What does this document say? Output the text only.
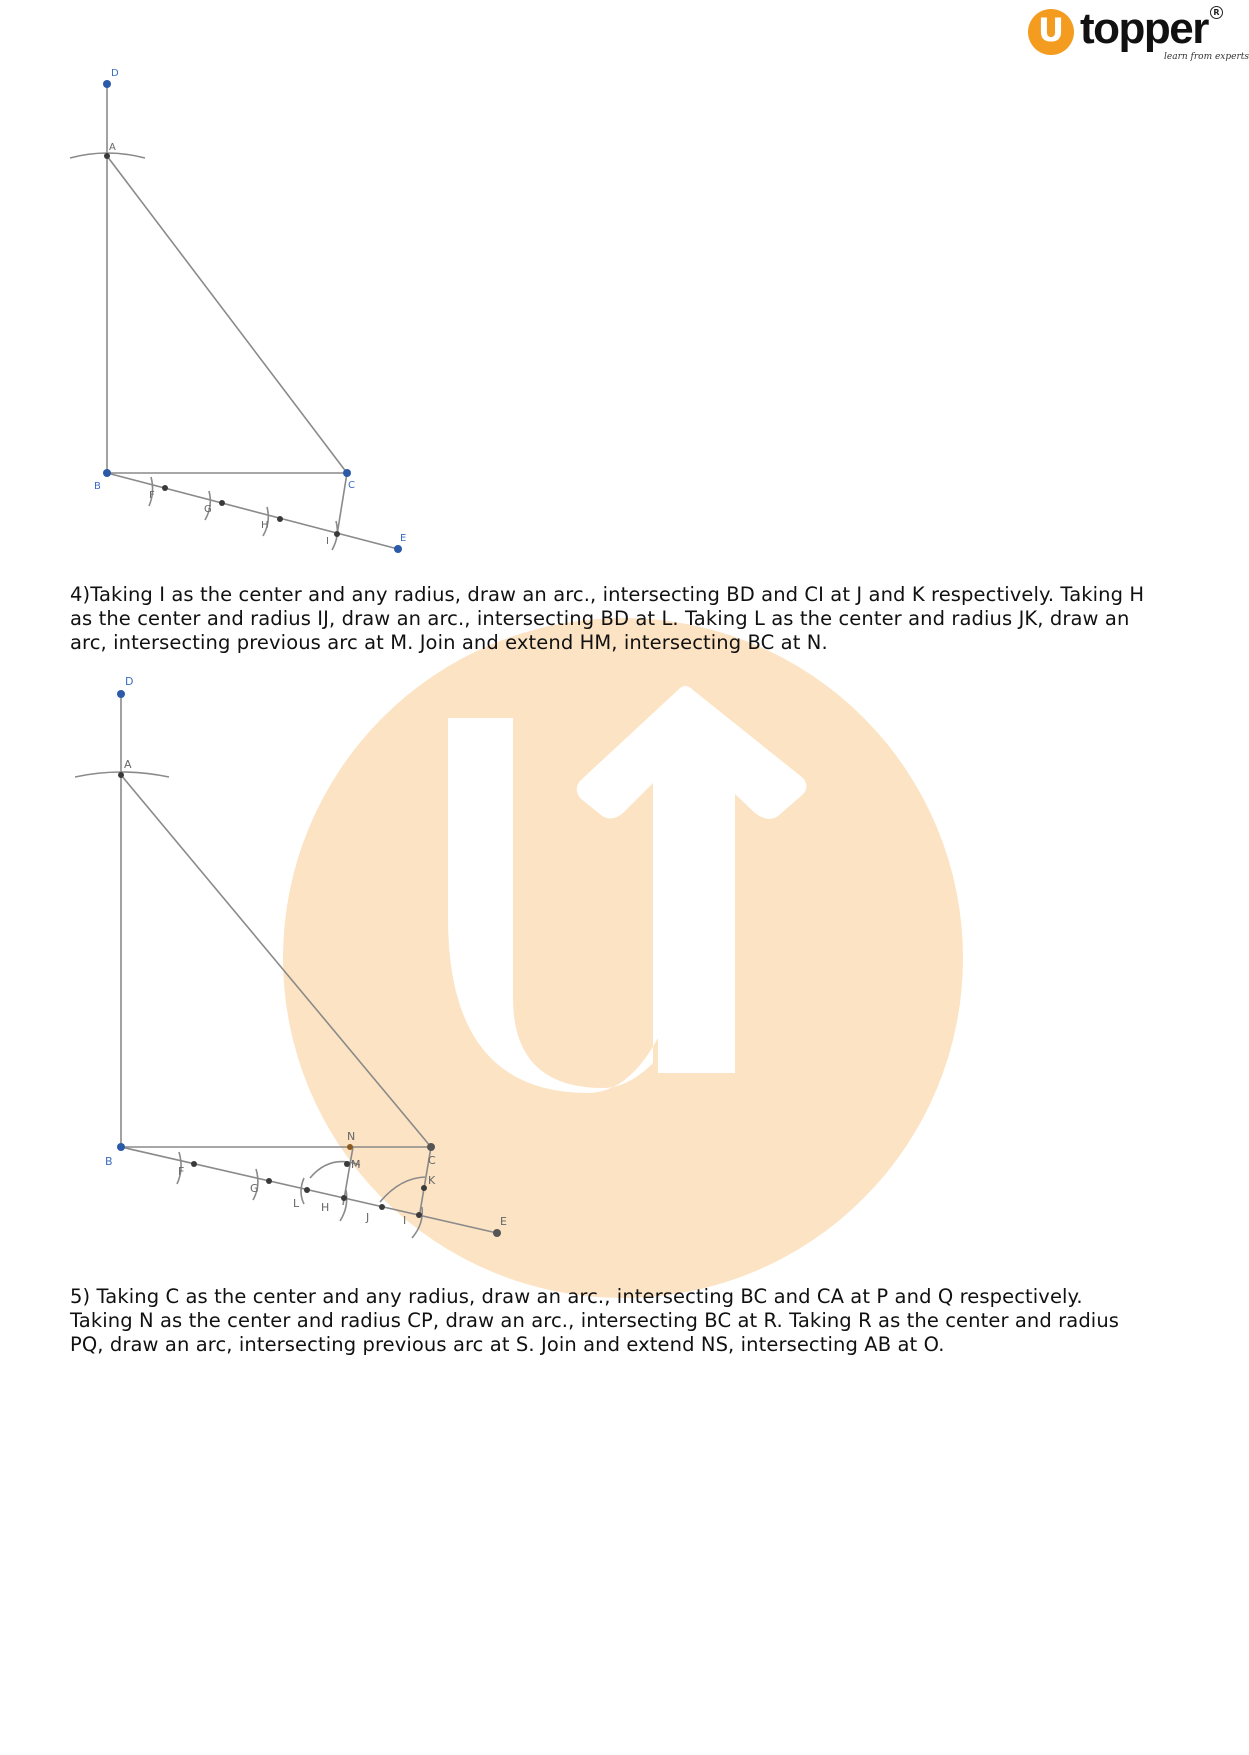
U topper R
learn from experts
D
A
B	C
E
F
G
H
I

4)Taking I as the center and any radius, draw an arc., intersecting BD and CI at J and K respectively. Taking H
as the center and radius IJ, draw an arc., intersecting BD at L. Taking L as the center and radius JK, draw an
arc, intersecting previous arc at M. Join and extend HM, intersecting BC at N.

D
A
B	C
E
F
G
L H
J	I
K
M
N

5) Taking C as the center and any radius, draw an arc., intersecting BC and CA at P and Q respectively.
Taking N as the center and radius CP, draw an arc., intersecting BC at R. Taking R as the center and radius
PQ, draw an arc, intersecting previous arc at S. Join and extend NS, intersecting AB at O.
